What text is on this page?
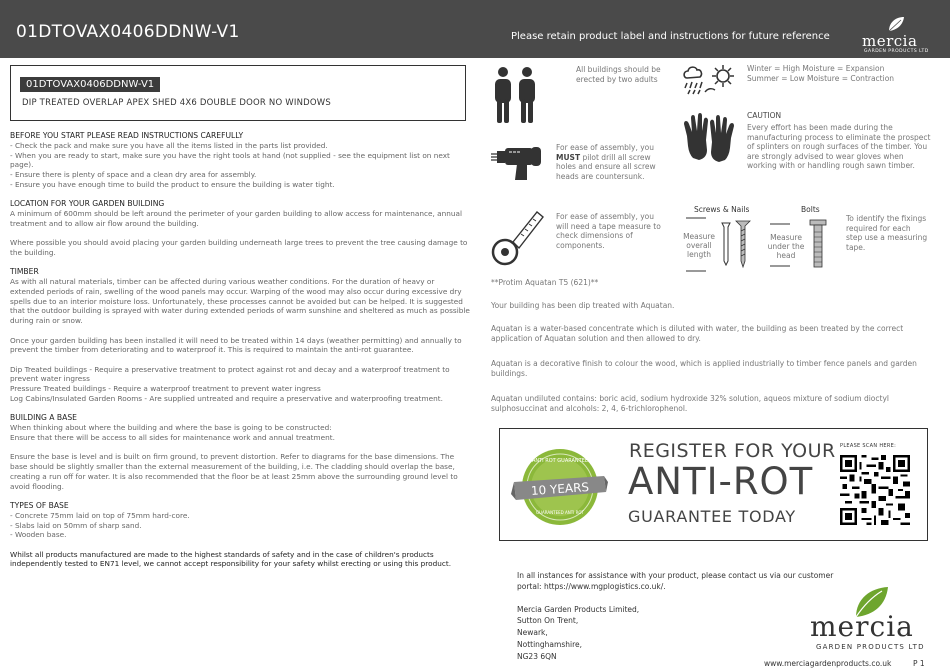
01DTOVAX0406DDNW-V1	Please retain product label and instructions for future reference mercia
GARDEN PRODUCTS LTD
01DTOVAX0406DDNW-V1
DIP TREATED OVERLAP APEX SHED 4X6 DOUBLE DOOR NO WINDOWS
BEFORE YOU START PLEASE READ INSTRUCTIONS CAREFULLY

- Check the pack and make sure you have all the items listed in the parts list provided.

- When you are ready to start, make sure you have the right tools at hand (not supplied - see the equipment list on next page).

- Ensure there is plenty of space and a clean dry area for assembly.

- Ensure you have enough time to build the product to ensure the building is water tight.

LOCATION FOR YOUR GARDEN BUILDING

A minimum of 600mm should be left around the perimeter of your garden building to allow access for maintenance, annual treatment and to allow air flow around the building.

Where possible you should avoid placing your garden building underneath large trees to prevent the tree causing damage to the building.

TIMBER

As with all natural materials, timber can be affected during various weather conditions. For the duration of heavy or extended periods of rain, swelling of the wood panels may occur. Warping of the wood may also occur during excessive dry spells due to an interior moisture loss. Unfortunately, these processes cannot be avoided but can be helped. It is suggested that the outdoor building is sprayed with water during extended periods of warm sunshine and sheltered as much as possible during rain or snow.

Once your garden building has been installed it will need to be treated within 14 days (weather permitting) and annually to prevent the timber from deteriorating and to waterproof it. This is required to maintain the anti-rot guarantee.

Dip Treated buildings - Require a preservative treatment to protect against rot and decay and a waterproof treatment to prevent water ingress

Pressure Treated buildings - Require a waterproof treatment to prevent water ingress

Log Cabins/Insulated Garden Rooms - Are supplied untreated and require a preservative and waterproofing treatment.

BUILDING A BASE

When thinking about where the building and where the base is going to be constructed:

Ensure that there will be access to all sides for maintenance work and annual treatment.

Ensure the base is level and is built on firm ground, to prevent distortion. Refer to diagrams for the base dimensions. The base should be slightly smaller than the external measurement of the building, i.e. The cladding should overlap the base, creating a run off for water. It is also recommended that the floor be at least 25mm above the surrounding ground level to avoid flooding.

TYPES OF BASE

- Concrete 75mm laid on top of 75mm hard-core.

- Slabs laid on 50mm of sharp sand.

- Wooden base.

Whilst all products manufactured are made to the highest standards of safety and in the case of children's products independently tested to EN71 level, we cannot accept responsibility for your safety whilst erecting or using this product.

All buildings should be erected by two adults
Winter = High Moisture = Expansion
Summer = Low Moisture = Contraction
CAUTION
Every effort has been made during the manufacturing process to eliminate the prospect of splinters on rough surfaces of the timber. You are strongly advised to wear gloves when working with or handling rough sawn timber.
For ease of assembly, you MUST pilot drill all screw holes and ensure all screw heads are countersunk.
For ease of assembly, you will need a tape measure to check dimensions of components.
Screws & Nails	Bolts
Measure overall length
Measure under the head
To identify the fixings required for each step use a measuring tape.
**Protim Aquatan T5 (621)**
Your building has been dip treated with Aquatan.
Aquatan is a water-based concentrate which is diluted with water, the building as been treated by the correct application of Aquatan solution and then allowed to dry.
Aquatan is a decorative finish to colour the wood, which is applied industrially to timber fence panels and garden buildings.
Aquatan undiluted contains: boric acid, sodium hydroxide 32% solution, aqueos mixture of sodium dioctyl sulphosuccinat and alcohols: 2, 4, 6-trichlorophenol.
ANTI ROT GUARANTEE
10 YEARS
GUARANTEED ANTI ROT
REGISTER FOR YOUR
ANTI-ROT
GUARANTEE TODAY
PLEASE SCAN HERE:
In all instances for assistance with your product, please contact us via our customer
portal: https://www.mgplogistics.co.uk/.
Mercia Garden Products Limited,
Sutton On Trent,
Newark,
Nottinghamshire,
NG23 6QN
mercia
GARDEN PRODUCTS LTD
www.merciagardenproducts.co.uk	P 1
